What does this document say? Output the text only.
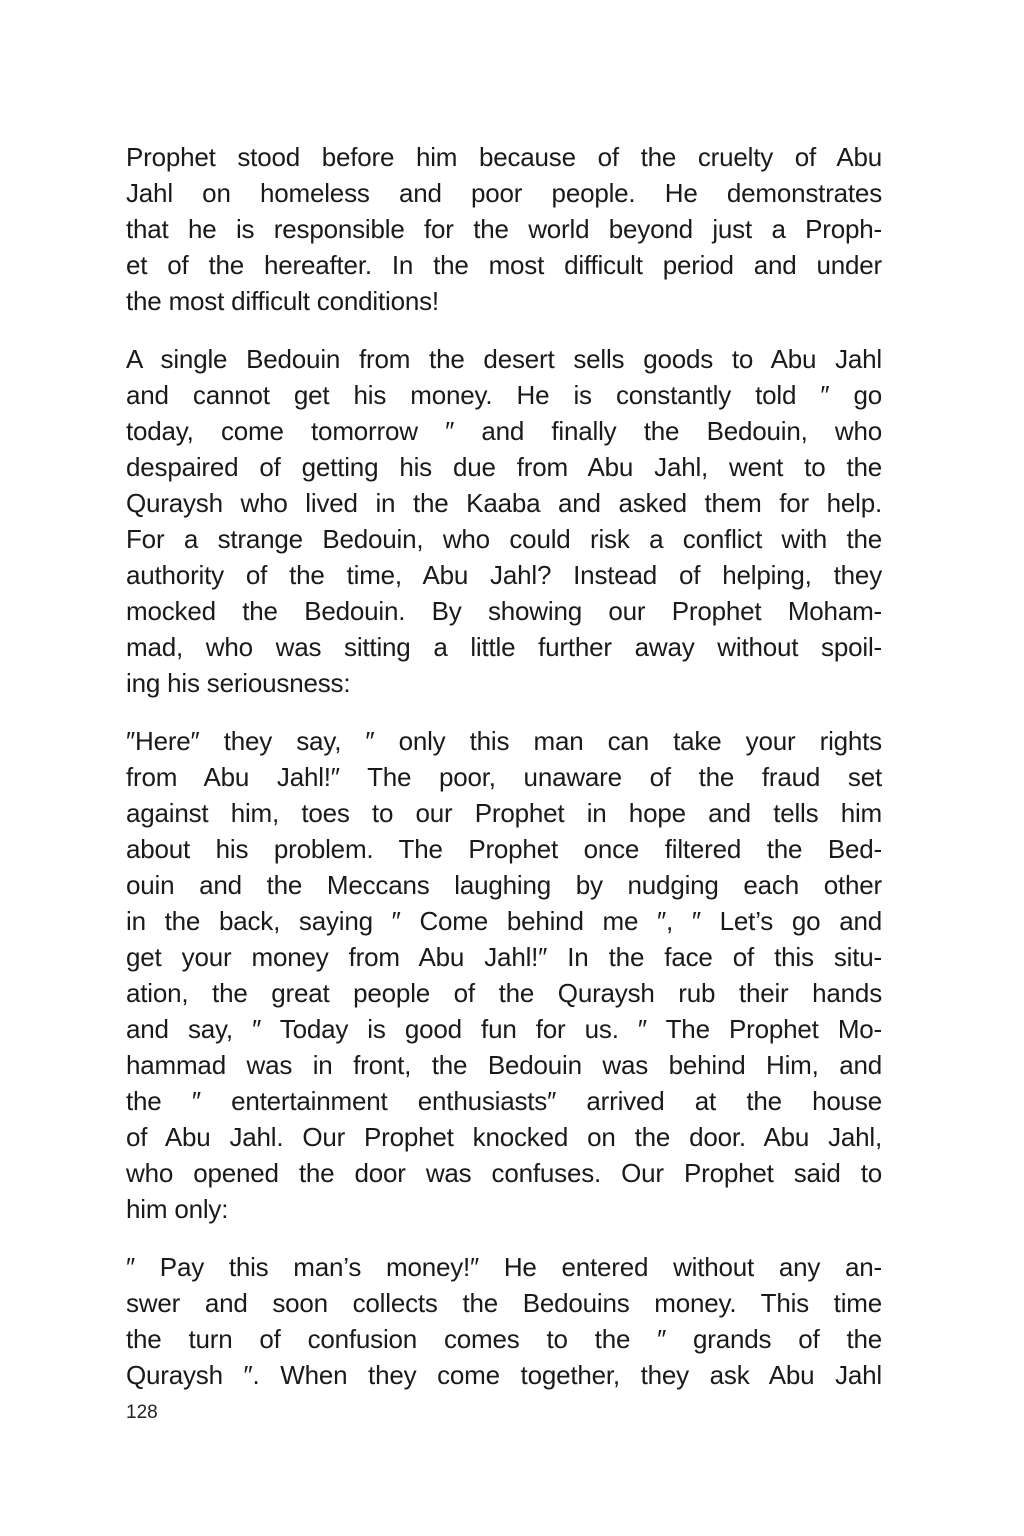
Prophet stood before him because of the cruelty of Abu
Jahl on homeless and poor people. He demonstrates
that he is responsible for the world beyond just a Proph-
et of the hereafter. In the most difficult period and under
the most difficult conditions!
A single Bedouin from the desert sells goods to Abu Jahl
and cannot get his money. He is constantly told ″ go
today, come tomorrow ″ and finally the Bedouin, who
despaired of getting his due from Abu Jahl, went to the
Quraysh who lived in the Kaaba and asked them for help.
For a strange Bedouin, who could risk a conflict with the
authority of the time, Abu Jahl? Instead of helping, they
mocked the Bedouin. By showing our Prophet Moham-
mad, who was sitting a little further away without spoil-
ing his seriousness:
″Here″ they say, ″ only this man can take your rights
from Abu Jahl!″ The poor, unaware of the fraud set
against him, toes to our Prophet in hope and tells him
about his problem. The Prophet once filtered the Bed-
ouin and the Meccans laughing by nudging each other
in the back, saying ″ Come behind me ″, ″ Let’s go and
get your money from Abu Jahl!″ In the face of this situ-
ation, the great people of the Quraysh rub their hands
and say, ″ Today is good fun for us. ″ The Prophet Mo-
hammad was in front, the Bedouin was behind Him, and
the ″ entertainment enthusiasts″ arrived at the house
of Abu Jahl. Our Prophet knocked on the door. Abu Jahl,
who opened the door was confuses. Our Prophet said to
him only:
″ Pay this man’s money!″ He entered without any an-
swer and soon collects the Bedouins money. This time
the turn of confusion comes to the ″ grands of the
Quraysh ″. When they come together, they ask Abu Jahl
128
